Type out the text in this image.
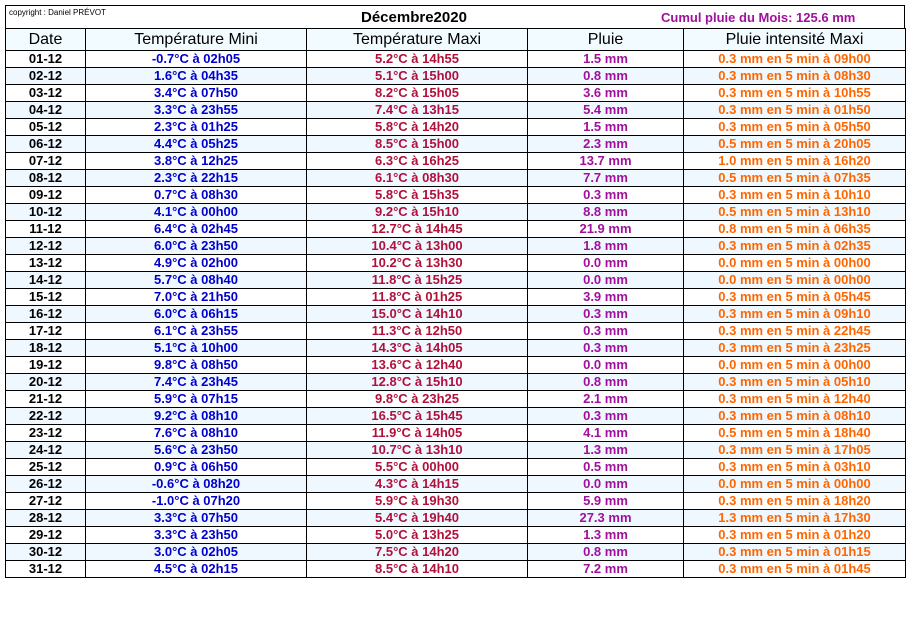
copyright : Daniel PRÉVOT	Décembre2020	Cumul pluie du Mois: 125.6 mm
Date	Température Mini	Température Maxi	Pluie	Pluie intensité Maxi
01-12	-0.7°C à 02h05	5.2°C à 14h55	1.5 mm	0.3 mm en 5 min à 09h00
02-12	1.6°C à 04h35	5.1°C à 15h00	0.8 mm	0.3 mm en 5 min à 08h30
03-12	3.4°C à 07h50	8.2°C à 15h05	3.6 mm	0.3 mm en 5 min à 10h55
04-12	3.3°C à 23h55	7.4°C à 13h15	5.4 mm	0.3 mm en 5 min à 01h50
05-12	2.3°C à 01h25	5.8°C à 14h20	1.5 mm	0.3 mm en 5 min à 05h50
06-12	4.4°C à 05h25	8.5°C à 15h00	2.3 mm	0.5 mm en 5 min à 20h05
07-12	3.8°C à 12h25	6.3°C à 16h25	13.7 mm	1.0 mm en 5 min à 16h20
08-12	2.3°C à 22h15	6.1°C à 08h30	7.7 mm	0.5 mm en 5 min à 07h35
09-12	0.7°C à 08h30	5.8°C à 15h35	0.3 mm	0.3 mm en 5 min à 10h10
10-12	4.1°C à 00h00	9.2°C à 15h10	8.8 mm	0.5 mm en 5 min à 13h10
11-12	6.4°C à 02h45	12.7°C à 14h45	21.9 mm	0.8 mm en 5 min à 06h35
12-12	6.0°C à 23h50	10.4°C à 13h00	1.8 mm	0.3 mm en 5 min à 02h35
13-12	4.9°C à 02h00	10.2°C à 13h30	0.0 mm	0.0 mm en 5 min à 00h00
14-12	5.7°C à 08h40	11.8°C à 15h25	0.0 mm	0.0 mm en 5 min à 00h00
15-12	7.0°C à 21h50	11.8°C à 01h25	3.9 mm	0.3 mm en 5 min à 05h45
16-12	6.0°C à 06h15	15.0°C à 14h10	0.3 mm	0.3 mm en 5 min à 09h10
17-12	6.1°C à 23h55	11.3°C à 12h50	0.3 mm	0.3 mm en 5 min à 22h45
18-12	5.1°C à 10h00	14.3°C à 14h05	0.3 mm	0.3 mm en 5 min à 23h25
19-12	9.8°C à 08h50	13.6°C à 12h40	0.0 mm	0.0 mm en 5 min à 00h00
20-12	7.4°C à 23h45	12.8°C à 15h10	0.8 mm	0.3 mm en 5 min à 05h10
21-12	5.9°C à 07h15	9.8°C à 23h25	2.1 mm	0.3 mm en 5 min à 12h40
22-12	9.2°C à 08h10	16.5°C à 15h45	0.3 mm	0.3 mm en 5 min à 08h10
23-12	7.6°C à 08h10	11.9°C à 14h05	4.1 mm	0.5 mm en 5 min à 18h40
24-12	5.6°C à 23h50	10.7°C à 13h10	1.3 mm	0.3 mm en 5 min à 17h05
25-12	0.9°C à 06h50	5.5°C à 00h00	0.5 mm	0.3 mm en 5 min à 03h10
26-12	-0.6°C à 08h20	4.3°C à 14h15	0.0 mm	0.0 mm en 5 min à 00h00
27-12	-1.0°C à 07h20	5.9°C à 19h30	5.9 mm	0.3 mm en 5 min à 18h20
28-12	3.3°C à 07h50	5.4°C à 19h40	27.3 mm	1.3 mm en 5 min à 17h30
29-12	3.3°C à 23h50	5.0°C à 13h25	1.3 mm	0.3 mm en 5 min à 01h20
30-12	3.0°C à 02h05	7.5°C à 14h20	0.8 mm	0.3 mm en 5 min à 01h15
31-12	4.5°C à 02h15	8.5°C à 14h10	7.2 mm	0.3 mm en 5 min à 01h45
